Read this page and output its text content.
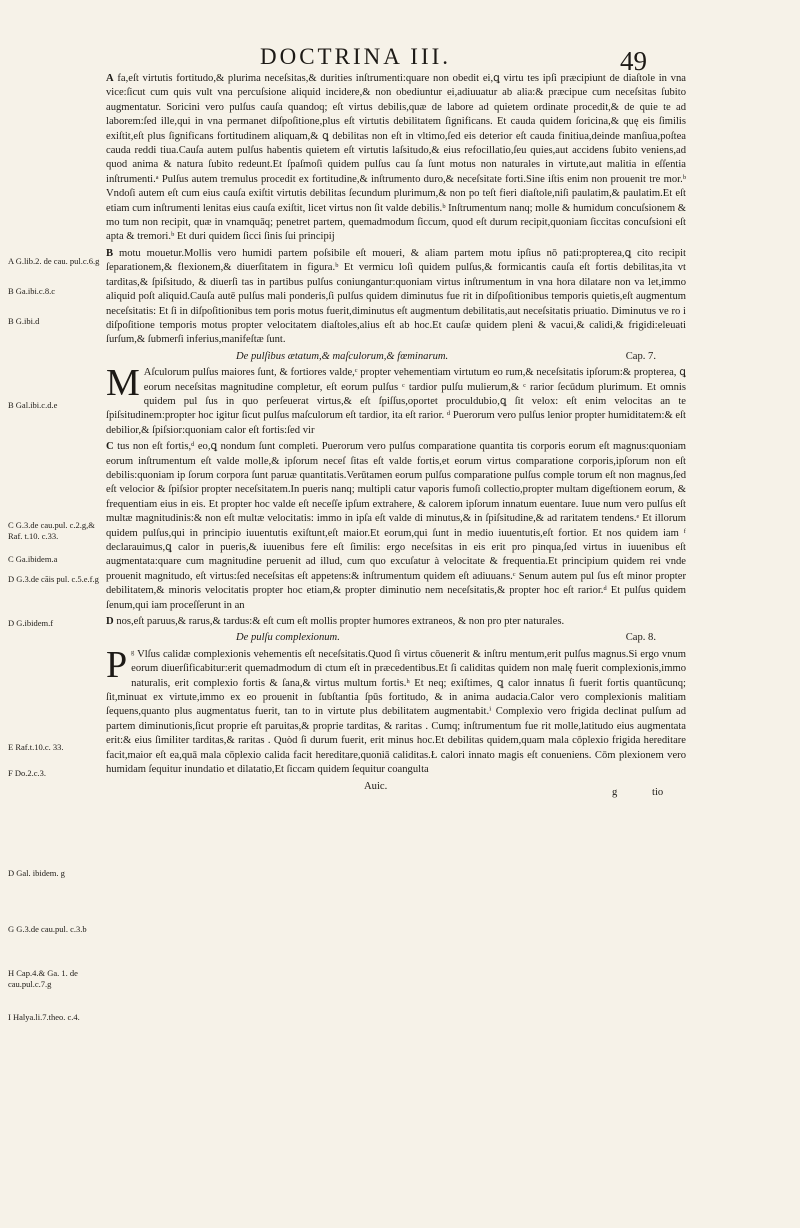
DOCTRINA III.	49
A G.lib.2. de cau. pul.c.6.g
B Ga.ibi.c.8.c
B G.ibi.d
B Gal.ibi.c.d.e
C G.3.de cau.pul. c.2.g,& Raf. t.10. c.33.
C Ga.ibidem.a
D G.3.de cāis pul. c.5.e.f.g
D G.ibidem.f
E Raf.t.10.c. 33.
F Do.2.c.3.
D Gal. ibidem. g
G G.3.de cau.pul. c.3.b
H Cap.4.& Ga. 1. de cau.pul.c.7.g
I Halya.li.7.theo. c.4.

A fa,eſt virtutis fortitudo,& plurima neceſsitas,& durities inſtrumenti:quare non obedit ei,ꝗ virtu tes ipſi præcipiunt de diaſtole in vna vice:ſicut cum quis vult vna percuſsione aliquid incidere,& non obediuntur ei,adiuuatur ab alia:& præcipue cum neceſsitas ſubito augmentatur. Soricini vero pulſus cauſa quandoq; eſt virtus debilis,quæ de labore ad quietem ordinate procedit,& de quie te ad laborem:ſed ille,qui in vna permanet diſpoſitione,plus eſt virtutis debilitatem ſignificans. Et cauda quidem ſoricina,& quę eis ſimilis exiſtit,eſt plus ſignificans fortitudinem aliquam,& ꝗ debilitas non eſt in vltimo,ſed eis deterior eſt cauda finitiua,deinde manſiua,poſtea cauda reddi tiua.Cauſa autem pulſus habentis quietem eſt virtutis laſsitudo,& eius refocillatio,ſeu quies,aut accidens ſubito veniens,ad quod anima & natura ſubito redeunt.Et ſpaſmoſi quidem pulſus cau ſa ſunt motus non naturales in virtute,aut malitia in eſſentia inſtrumenti.ᵃ Pulſus autem tremulus procedit ex fortitudine,& inſtrumento duro,& neceſsitate forti.Sine iſtis enim non prouenit tre mor.ᵇ Vndoſi autem eſt cum eius cauſa exiſtit virtutis debilitas ſecundum plurimum,& non po teſt fieri diaſtole,niſi paulatim,& paulatim.Et eſt etiam cum inſtrumenti lenitas eius cauſa exiſtit, licet virtus non ſit valde debilis.ᵇ Inſtrumentum nanq; molle & humidum concuſsionem & mo tum non recipit, quæ in vnamquāq; penetret partem, quemadmodum ſiccum, quod eſt durum recipit,quoniam ſiccitas concuſsioni eſt apta & tremori.ᵇ Et duri quidem ſicci ſinis ſui principij

B motu mouetur.Mollis vero humidi partem poſsibile eſt moueri, & aliam partem motu ipſius nō pati:propterea,ꝗ cito recipit ſeparationem,& flexionem,& diuerſitatem in figura.ᵇ Et vermicu loſi quidem pulſus,& formicantis cauſa eſt fortis debilitas,ita vt tarditas,& ſpiſsitudo, & diuerſi tas in partibus pulſus coniungantur:quoniam virtus inſtrumentum in vna hora dilatare non va let,immo aliquid poſt aliquid.Cauſa autē pulſus mali ponderis,ſi pulſus quidem diminutus fue rit in diſpoſitionibus temporis quietis,eſt augmentum neceſsitatis: Et ſi in diſpoſitionibus tem poris motus fuerit,diminutus eſt augmentum debilitatis,aut neceſsitatis priuatio. Diminutus ve ro i diſpoſitione temporis motus propter velocitatem diaſtoles,alius eſt ab hoc.Et cauſæ quidem pleni & vacui,& calidi,& frigidi:eleuati ſurſum,& ſubmerſi inferius,manifeſtæ ſunt.

De pulſibus ætatum,& maſculorum,& fœminarum.	Cap. 7.

M Aſculorum pulſus maiores ſunt, & fortiores valde,ᶜ propter vehementiam virtutum eo rum,& neceſsitatis ipſorum:& propterea, ꝗ eorum neceſsitas magnitudine completur, eſt eorum pulſus ᶜ tardior pulſu mulierum,& ᶜ rarior ſecūdum plurimum. Et omnis quidem pul ſus in quo perſeuerat virtus,& eſt ſpiſſus,oportet proculdubio,ꝗ ſit velox: eſt enim velocitas an te ſpiſsitudinem:propter hoc igitur ſicut pulſus maſculorum eſt tardior, ita eſt rarior. ᵈ Puerorum vero pulſus lenior propter humiditatem:& eſt debilior,& ſpiſsior:quoniam calor eſt fortis:ſed vir

C tus non eſt fortis,ᵈ eo,ꝗ nondum ſunt completi. Puerorum vero pulſus comparatione quantita tis corporis eorum eſt magnus:quoniam eorum inſtrumentum eſt valde molle,& ipſorum neceſ ſitas eſt valde fortis,et eorum virtus comparatione corporis,ipſorum non eſt debilis:quoniam ip ſorum corpora ſunt paruæ quantitatis.Verūtamen eorum pulſus comparatione pulſus comple torum eſt non magnus,ſed eſt velocior & ſpiſsior propter neceſsitatem.In pueris nanq; multipli catur vaporis fumoſi collectio,propter multam digeſtionem eorum, & frequentiam eius in eis. Et propter hoc valde eſt neceſſe ipſum extrahere, & calorem ipſorum innatum euentare. Iuue num vero pulſus eſt multæ magnitudinis:& non eſt multæ velocitatis: immo in ipſa eſt valde di minutus,& in ſpiſsitudine,& ad raritatem tendens.ᵉ Et illorum quidem pulſus,qui in principio iuuentutis exiſtunt,eſt maior.Et eorum,qui ſunt in medio iuuentutis,eſt fortior. Et nos quidem iam ᶠ declarauimus,ꝗ calor in pueris,& iuuenibus fere eſt ſimilis: ergo neceſsitas in eis erit pro pinqua,ſed virtus in iuuenibus eſt augmentata:quare cum magnitudine peruenit ad illud, cum quo excuſatur à velocitate & frequentia.Et principium quidem rei vnde prouenit magnitudo, eſt virtus:ſed neceſsitas eſt appetens:& inſtrumentum quidem eſt adiuuans.ᶜ Senum autem pul ſus eſt minor propter debilitatem,& minoris velocitatis propter hoc etiam,& propter diminutio nem neceſsitatis,& propter hoc eſt rarior.ᵈ Et pulſus quidem ſenum,qui iam proceſſerunt in an

D nos,eſt paruus,& rarus,& tardus:& eſt cum eſt mollis propter humores extraneos, & non pro pter naturales.

De pulſu complexionum.	Cap. 8.

P ᵍ Vlſus calidæ complexionis vehementis eſt neceſsitatis.Quod ſi virtus cōuenerit & inſtru mentum,erit pulſus magnus.Si ergo vnum eorum diuerſificabitur:erit quemadmodum di ctum eſt in præcedentibus.Et ſi caliditas quidem non malę fuerit complexionis,immo naturalis, erit complexio fortis & ſana,& virtus multum fortis.ʰ Et neq; exiſtimes, ꝗ calor innatus ſi fuerit fortis quantūcunq; ſit,minuat ex virtute,immo ex eo prouenit in ſubſtantia ſpūs fortitudo, & in anima audacia.Calor vero complexionis malitiam ſequens,quanto plus augmentatus fuerit, tan to in virtute plus debilitatem augmentabit.ⁱ Complexio vero frigida declinat pulſum ad partem diminutionis,ſicut proprie eſt paruitas,& proprie tarditas, & raritas . Cumq; inſtrumentum fue rit molle,latitudo eius augmentata erit:& eius ſimiliter tarditas,& raritas . Quòd ſi durum fuerit, erit minus hoc.Et debilitas quidem,quam mala cōplexio frigida hereditare facit,maior eſt ea,quā mala cōplexio calida facit hereditare,quoniā caliditas.Ł calori innato magis eſt conueniens. Cōm plexionem vero humidam ſequitur inundatio et dilatatio,Et ſiccam quidem ſequitur coangulta

Auic.
g	tio
